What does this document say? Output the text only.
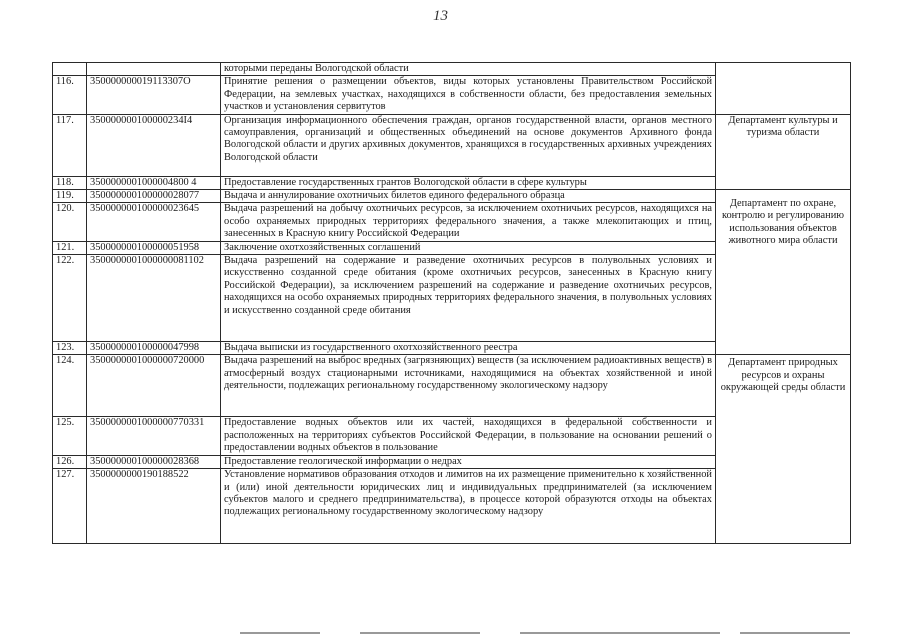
13
		которыми переданы Вологодской области	
116.	350000000019113307О	Принятие решения о размещении объектов, виды которых установлены Правительством Российской Федерации, на землевых участках, находящихся в собственности области, без предоставления земельных участков и установления сервитутов	
117.	350000000100000234І4	Организация информационного обеспечения граждан, органов государственной власти, органов местного самоуправления, организаций и общественных объединений на основе документов Архивного фонда Вологодской области и других архивных документов, хранящихся в государственных архивных учреждениях Вологодской области	Департамент культуры и туризма области
118.	3500000001000004800 4	Предоставление государственных грантов Вологодской области в сфере культуры	
119.	350000000100000028077	Выдача и аннулирование охотничьих билетов единого федерального образца	Департамент по охране, контролю и регулированию использования объектов животного мира области
120.	350000000100000023645	Выдача разрешений на добычу охотничьих ресурсов, за исключением охотничьих ресурсов, находящихся на особо охраняемых природных территориях федерального значения, а также млекопитающих и птиц, занесенных в Красную книгу Российской Федерации	
121.	350000000100000051958	Заключение охотхозяйственных соглашений	
122.	3500000001000000081102	Выдача разрешений на содержание и разведение охотничьих ресурсов в полувольных условиях и искусственно созданной среде обитания (кроме охотничьих ресурсов, занесенных в Красную книгу Российской Федерации), за исключением разрешений на содержание и разведение охотничьих ресурсов, находящихся на особо охраняемых природных территориях федерального значения, в полувольных условиях и искусственно созданной среде обитания	
123.	350000000100000047998	Выдача выписки из государственного охотхозяйственного реестра	
124.	3500000001000000720000	Выдача разрешений на выброс вредных (загрязняющих) веществ (за исключением радиоактивных веществ) в атмосферный воздух стационарными источниками, находящимися на объектах хозяйственной и иной деятельности, подлежащих региональному государственному экологическому надзору	Департамент природных ресурсов и охраны окружающей среды области
125.	3500000001000000770331	Предоставление водных объектов или их частей, находящихся в федеральной собственности и расположенных на территориях субъектов Российской Федерации, в пользование на основании решений о предоставлении водных объектов в пользование	
126.	350000000100000028368	Предоставление геологической информации о недрах	
127.	3500000000190188522	Установление нормативов образования отходов и лимитов на их размещение применительно к хозяйственной и (или) иной деятельности юридических лиц и индивидуальных предпринимателей (за исключением субъектов малого и среднего предпринимательства), в процессе которой образуются отходы на объектах подлежащих региональному государственному экологическому надзору	
